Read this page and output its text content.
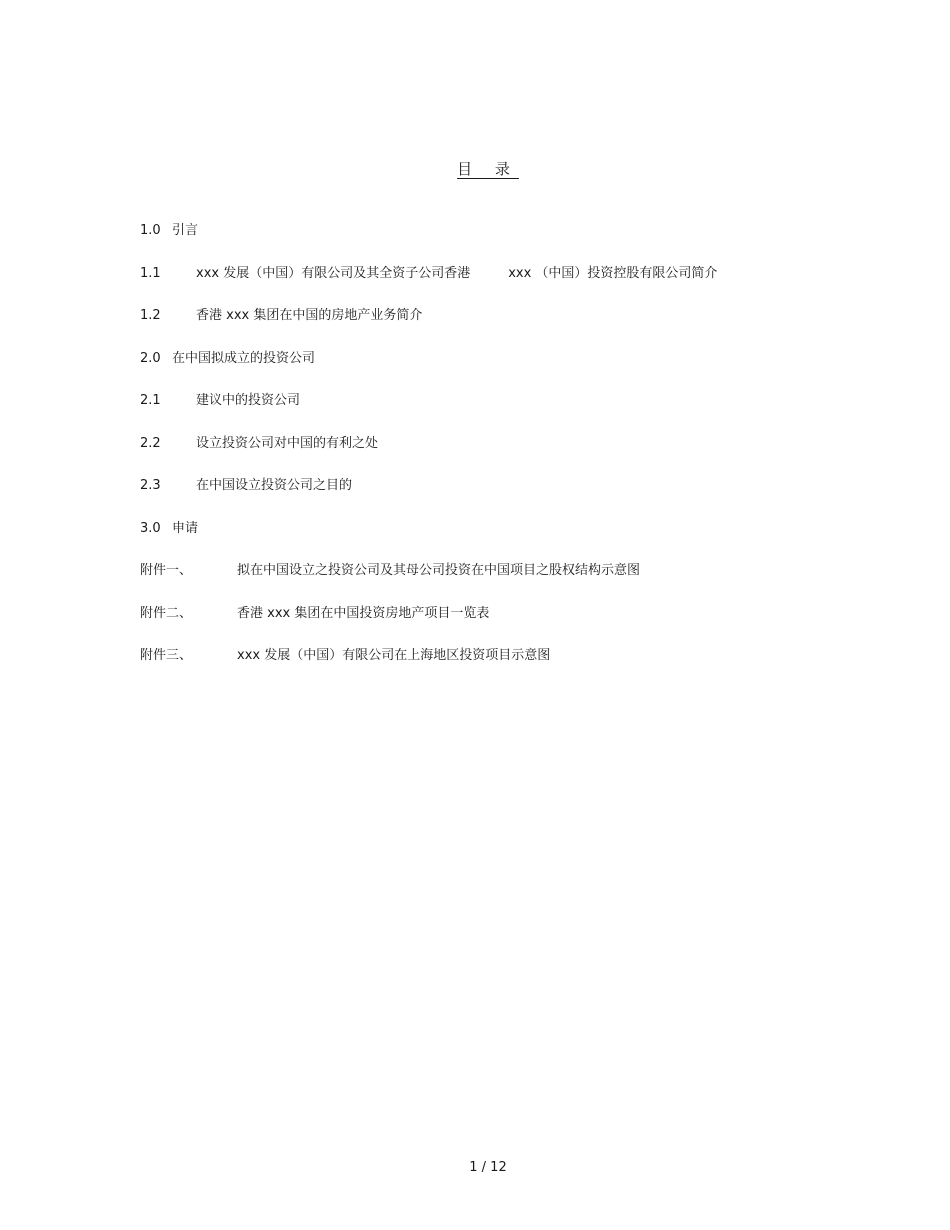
目 录
1.0 引言
1.1	xxx 发展（中国）有限公司及其全资子公司香港	xxx （中国）投资控股有限公司简介
1.2	香港 xxx 集团在中国的房地产业务简介
2.0 在中国拟成立的投资公司
2.1	建议中的投资公司
2.2	设立投资公司对中国的有利之处
2.3	在中国设立投资公司之目的
3.0 申请
附件一、	拟在中国设立之投资公司及其母公司投资在中国项目之股权结构示意图
附件二、	香港 xxx 集团在中国投资房地产项目一览表
附件三、	xxx 发展（中国）有限公司在上海地区投资项目示意图
1 / 12
